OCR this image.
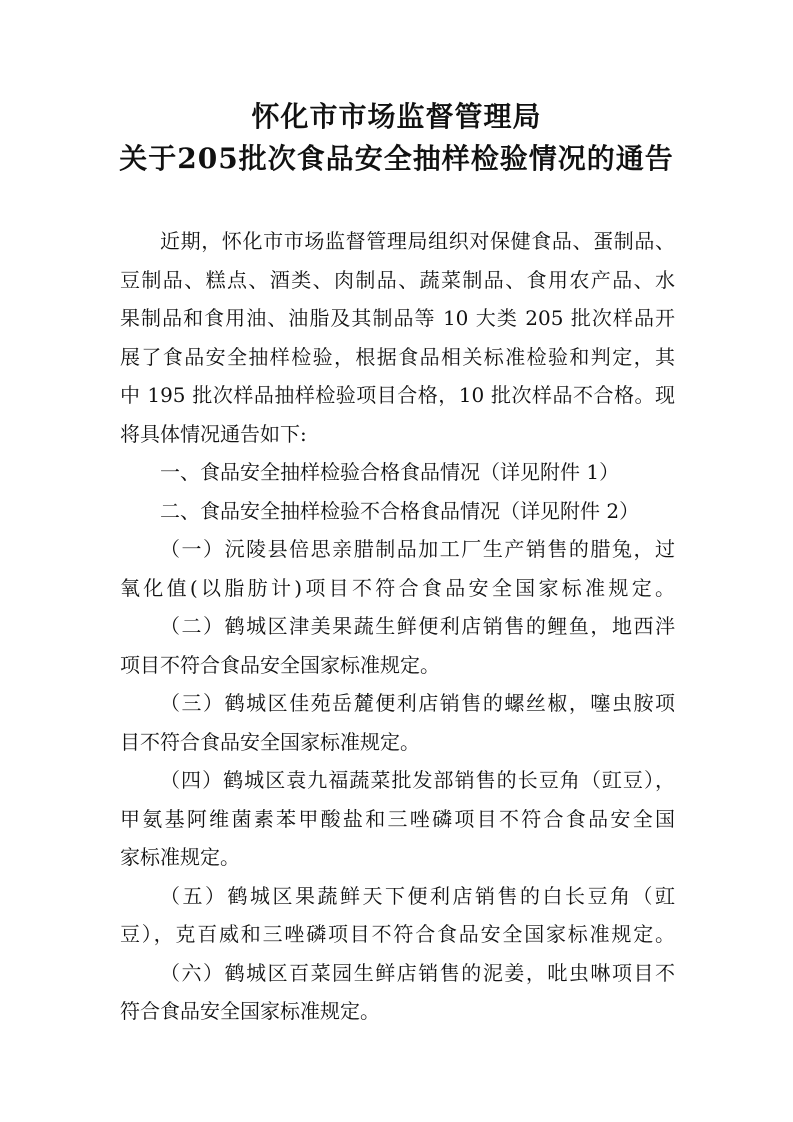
怀化市市场监督管理局
关于205批次食品安全抽样检验情况的通告
近期，怀化市市场监督管理局组织对保健食品、蛋制品、
豆制品、糕点、酒类、肉制品、蔬菜制品、食用农产品、水
果制品和食用油、油脂及其制品等 10 大类 205 批次样品开
展了食品安全抽样检验，根据食品相关标准检验和判定，其
中 195 批次样品抽样检验项目合格，10 批次样品不合格。现
将具体情况通告如下:
一、食品安全抽样检验合格食品情况（详见附件 1）
二、食品安全抽样检验不合格食品情况（详见附件 2）
（一）沅陵县倍思亲腊制品加工厂生产销售的腊兔，过
氧化值(以脂肪计)项目不符合食品安全国家标准规定。
（二）鹤城区津美果蔬生鲜便利店销售的鲤鱼，地西泮
项目不符合食品安全国家标准规定。
（三）鹤城区佳苑岳麓便利店销售的螺丝椒，噻虫胺项
目不符合食品安全国家标准规定。
（四）鹤城区袁九福蔬菜批发部销售的长豆角（豇豆），
甲氨基阿维菌素苯甲酸盐和三唑磷项目不符合食品安全国
家标准规定。
（五）鹤城区果蔬鲜天下便利店销售的白长豆角（豇
豆），克百威和三唑磷项目不符合食品安全国家标准规定。
（六）鹤城区百菜园生鲜店销售的泥姜，吡虫啉项目不
符合食品安全国家标准规定。
